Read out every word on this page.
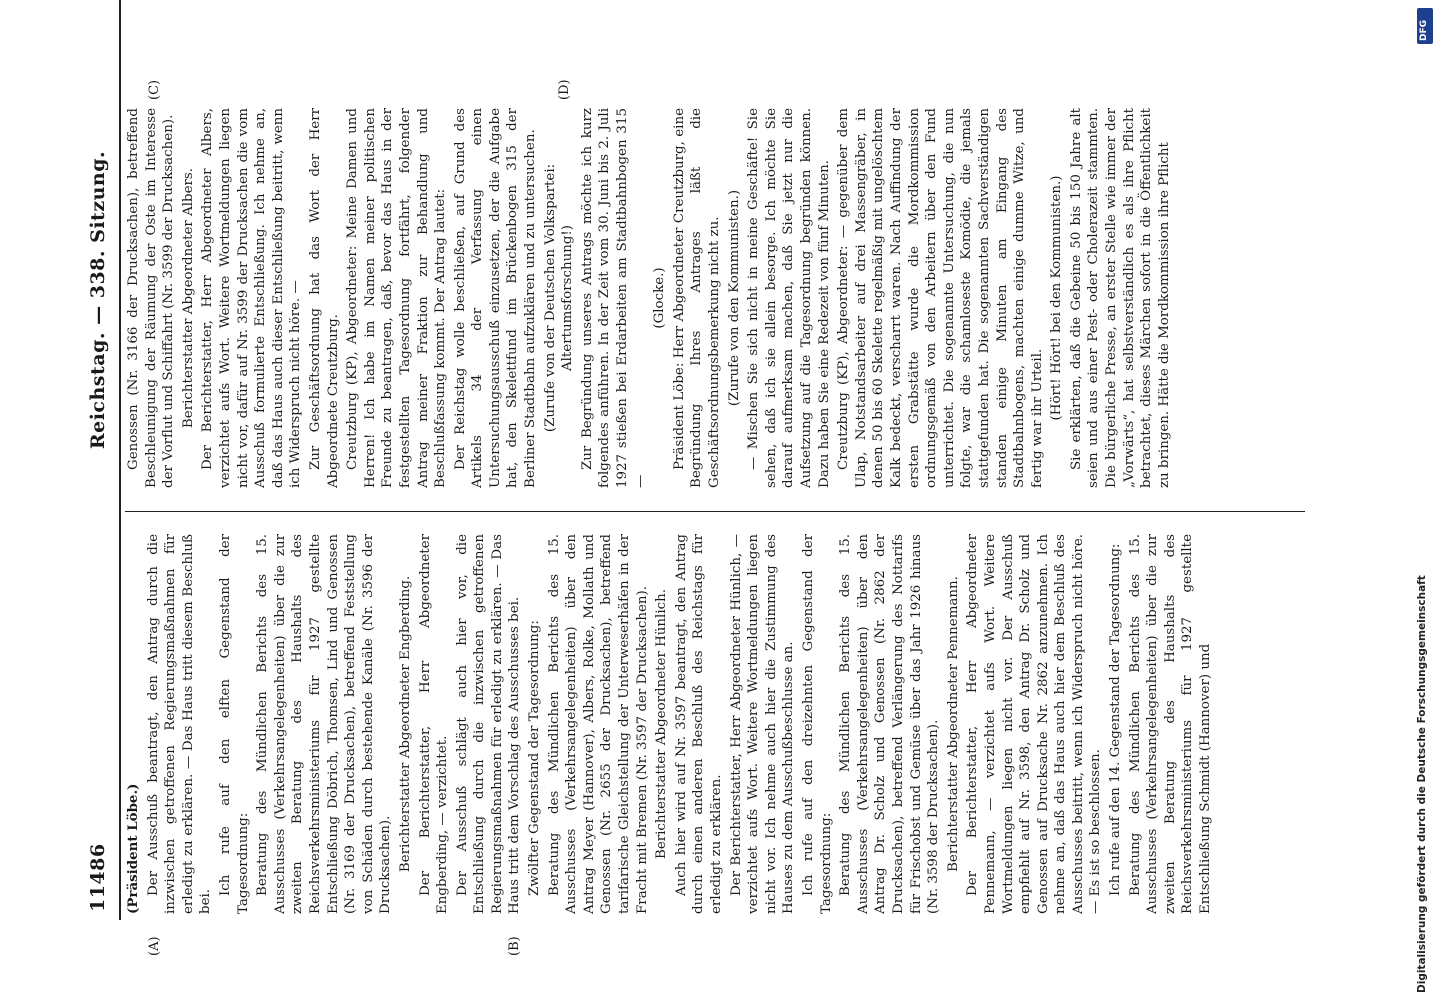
11486
Reichstag. — 338. Sitzung.
(A)	(B)
(C)	(D)

(Präsident Löbe.) Der Ausschuß beantragt, den Antrag durch die inzwischen getroffenen Regierungsmaßnahmen für erledigt zu erklären. — Das Haus tritt diesem Beschluß bei.

Ich rufe auf den elften Gegenstand der Tagesordnung: Beratung des Mündlichen Berichts des 15. Ausschusses (Verkehrsangelegenheiten) über die zur zweiten Beratung des Haushalts des Reichsverkehrsministeriums für 1927 gestellte Entschließung Döbrich, Thomsen, Lind und Genossen (Nr. 3169 der Drucksachen), betreffend Feststellung von Schäden durch bestehende Kanäle (Nr. 3596 der Drucksachen). Berichterstatter Abgeordneter Engberding. Der Berichterstatter, Herr Abgeordneter Engberding, — verzichtet. Der Ausschuß schlägt auch hier vor, die Entschließung durch die inzwischen getroffenen Regierungsmaßnahmen für erledigt zu erklären. — Das Haus tritt dem Vorschlag des Ausschusses bei. Zwölfter Gegenstand der Tagesordnung: Beratung des Mündlichen Berichts des 15. Ausschusses (Verkehrsangelegenheiten) über den Antrag Meyer (Hannover), Albers, Rolke, Mollath und Genossen (Nr. 2655 der Drucksachen), betreffend tarifarische Gleichstellung der Unterweserhäfen in der Fracht mit Bremen (Nr. 3597 der Drucksachen). Berichterstatter Abgeordneter Hünlich. Auch hier wird auf Nr. 3597 beantragt, den Antrag durch einen anderen Beschluß des Reichstags für erledigt zu erklären. Der Berichterstatter, Herr Abgeordneter Hünlich, — verzichtet aufs Wort. Weitere Wortmeldungen liegen nicht vor. Ich nehme auch hier die Zustimmung des Hauses zu dem Ausschußbeschlusse an. Ich rufe auf den dreizehnten Gegenstand der Tagesordnung: Beratung des Mündlichen Berichts des 15. Ausschusses (Verkehrsangelegenheiten) über den Antrag Dr. Scholz und Genossen (Nr. 2862 der Drucksachen), betreffend Verlängerung des Nottarifs für Frischobst und Gemüse über das Jahr 1926 hinaus (Nr. 3598 der Drucksachen). Berichterstatter Abgeordneter Pennemann. Der Berichterstatter, Herr Abgeordneter Pennemann, — verzichtet aufs Wort. Weitere Wortmeldungen liegen nicht vor. Der Ausschuß empfiehlt auf Nr. 3598, den Antrag Dr. Scholz und Genossen auf Drucksache Nr. 2862 anzunehmen. Ich nehme an, daß das Haus auch hier dem Beschluß des Ausschusses beitritt, wenn ich Widerspruch nicht höre. — Es ist so beschlossen. Ich rufe auf den 14. Gegenstand der Tagesordnung: Beratung des Mündlichen Berichts des 15. Ausschusses (Verkehrsangelegenheiten) über die zur zweiten Beratung des Haushalts des Reichsverkehrsministeriums für 1927 gestellte Entschließung Schmidt (Hannover) und

Genossen (Nr. 3166 der Drucksachen), betreffend Beschleunigung der Räumung der Oste im Interesse der Vorflut und Schiffahrt (Nr. 3599 der Drucksachen). Berichterstatter Abgeordneter Albers. Der Berichterstatter, Herr Abgeordneter Albers, verzichtet aufs Wort. Weitere Wortmeldungen liegen nicht vor, dafür auf Nr. 3599 der Drucksachen die vom Ausschuß formulierte Entschließung. Ich nehme an, daß das Haus auch dieser Entschließung beitritt, wenn ich Widerspruch nicht höre. — Zur Geschäftsordnung hat das Wort der Herr Abgeordnete Creutzburg. Creutzburg (KP), Abgeordneter: Meine Damen und Herren! Ich habe im Namen meiner politischen Freunde zu beantragen, daß, bevor das Haus in der festgestellten Tagesordnung fortfährt, folgender Antrag meiner Fraktion zur Behandlung und Beschlußfassung kommt. Der Antrag lautet: Der Reichstag wolle beschließen, auf Grund des Artikels 34 der Verfassung einen Untersuchungsausschuß einzusetzen, der die Aufgabe hat, den Skelettfund im Brückenbogen 315 der Berliner Stadtbahn aufzuklären und zu untersuchen. (Zurufe von der Deutschen Volkspartei: Altertumsforschung!) Zur Begründung unseres Antrags möchte ich kurz folgendes anführen. In der Zeit vom 30. Juni bis 2. Juli 1927 stießen bei Erdarbeiten am Stadtbahnbogen 315 —

(Glocke.) Präsident Löbe: Herr Abgeordneter Creutzburg, eine Begründung Ihres Antrages läßt die Geschäftsordnungsbemerkung nicht zu. (Zurufe von den Kommunisten.) — Mischen Sie sich nicht in meine Geschäfte! Sie sehen, daß ich sie allein besorge. Ich möchte Sie darauf aufmerksam machen, daß Sie jetzt nur die Aufsetzung auf die Tagesordnung begründen können. Dazu haben Sie eine Redezeit von fünf Minuten. Creutzburg (KP), Abgeordneter: — gegenüber dem Ulap, Notstandsarbeiter auf drei Massengräber, in denen 50 bis 60 Skelette regelmäßig mit ungelöschtem Kalk bedeckt, verscharrt waren. Nach Auffindung der ersten Grabstätte wurde die Mordkommission ordnungsgemäß von den Arbeitern über den Fund unterrichtet. Die sogenannte Untersuchung, die nun folgte, war die schamloseste Komödie, die jemals stattgefunden hat. Die sogenannten Sachverständigen standen einige Minuten am Eingang des Stadtbahnbogens, machten einige dumme Witze, und fertig war ihr Urteil. (Hört! Hört! bei den Kommunisten.) Sie erklärten, daß die Gebeine 50 bis 150 Jahre alt seien und aus einer Pest- oder Cholerazeit stammten. Die bürgerliche Presse, an erster Stelle wie immer der „Vorwärts“, hat selbstverständlich es als ihre Pflicht betrachtet, dieses Märchen sofort in die Öffentlichkeit zu bringen. Hätte die Mordkommission ihre Pflicht

Digitalisierung gefördert durch die Deutsche Forschungsgemeinschaft
DFG
